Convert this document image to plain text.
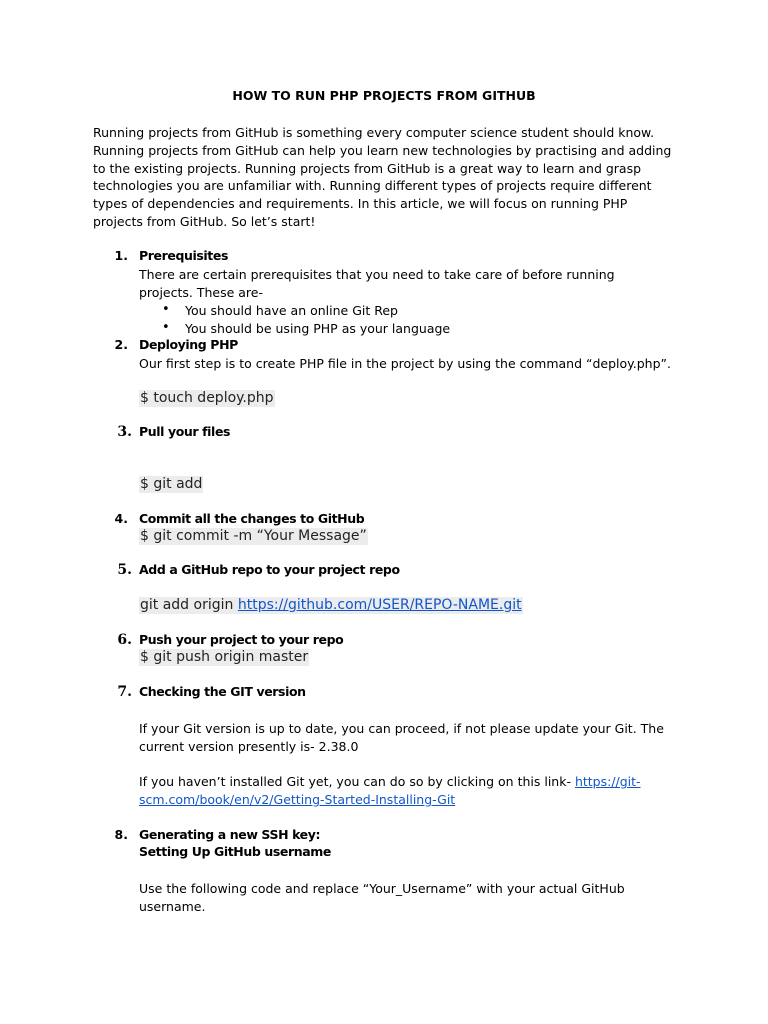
HOW TO RUN PHP PROJECTS FROM GITHUB
Running projects from GitHub is something every computer science student should know. Running projects from GitHub can help you learn new technologies by practising and adding to the existing projects. Running projects from GitHub is a great way to learn and grasp technologies you are unfamiliar with. Running different types of projects require different types of dependencies and requirements. In this article, we will focus on running PHP projects from GitHub. So let’s start!
1. Prerequisites
There are certain prerequisites that you need to take care of before running
projects. These are-
• You should have an online Git Rep
• You should be using PHP as your language
2. Deploying PHP
Our first step is to create PHP file in the project by using the command “deploy.php”.
$ touch deploy.php
3. Pull your files
$ git add
4. Commit all the changes to GitHub
$ git commit -m “Your Message”
5. Add a GitHub repo to your project repo
git add origin https://github.com/USER/REPO-NAME.git
6. Push your project to your repo
$ git push origin master
7. Checking the GIT version
If your Git version is up to date, you can proceed, if not please update your Git. The
current version presently is- 2.38.0
If you haven’t installed Git yet, you can do so by clicking on this link- https://git-
scm.com/book/en/v2/Getting-Started-Installing-Git
8. Generating a new SSH key:
Setting Up GitHub username
Use the following code and replace “Your_Username” with your actual GitHub
username.
